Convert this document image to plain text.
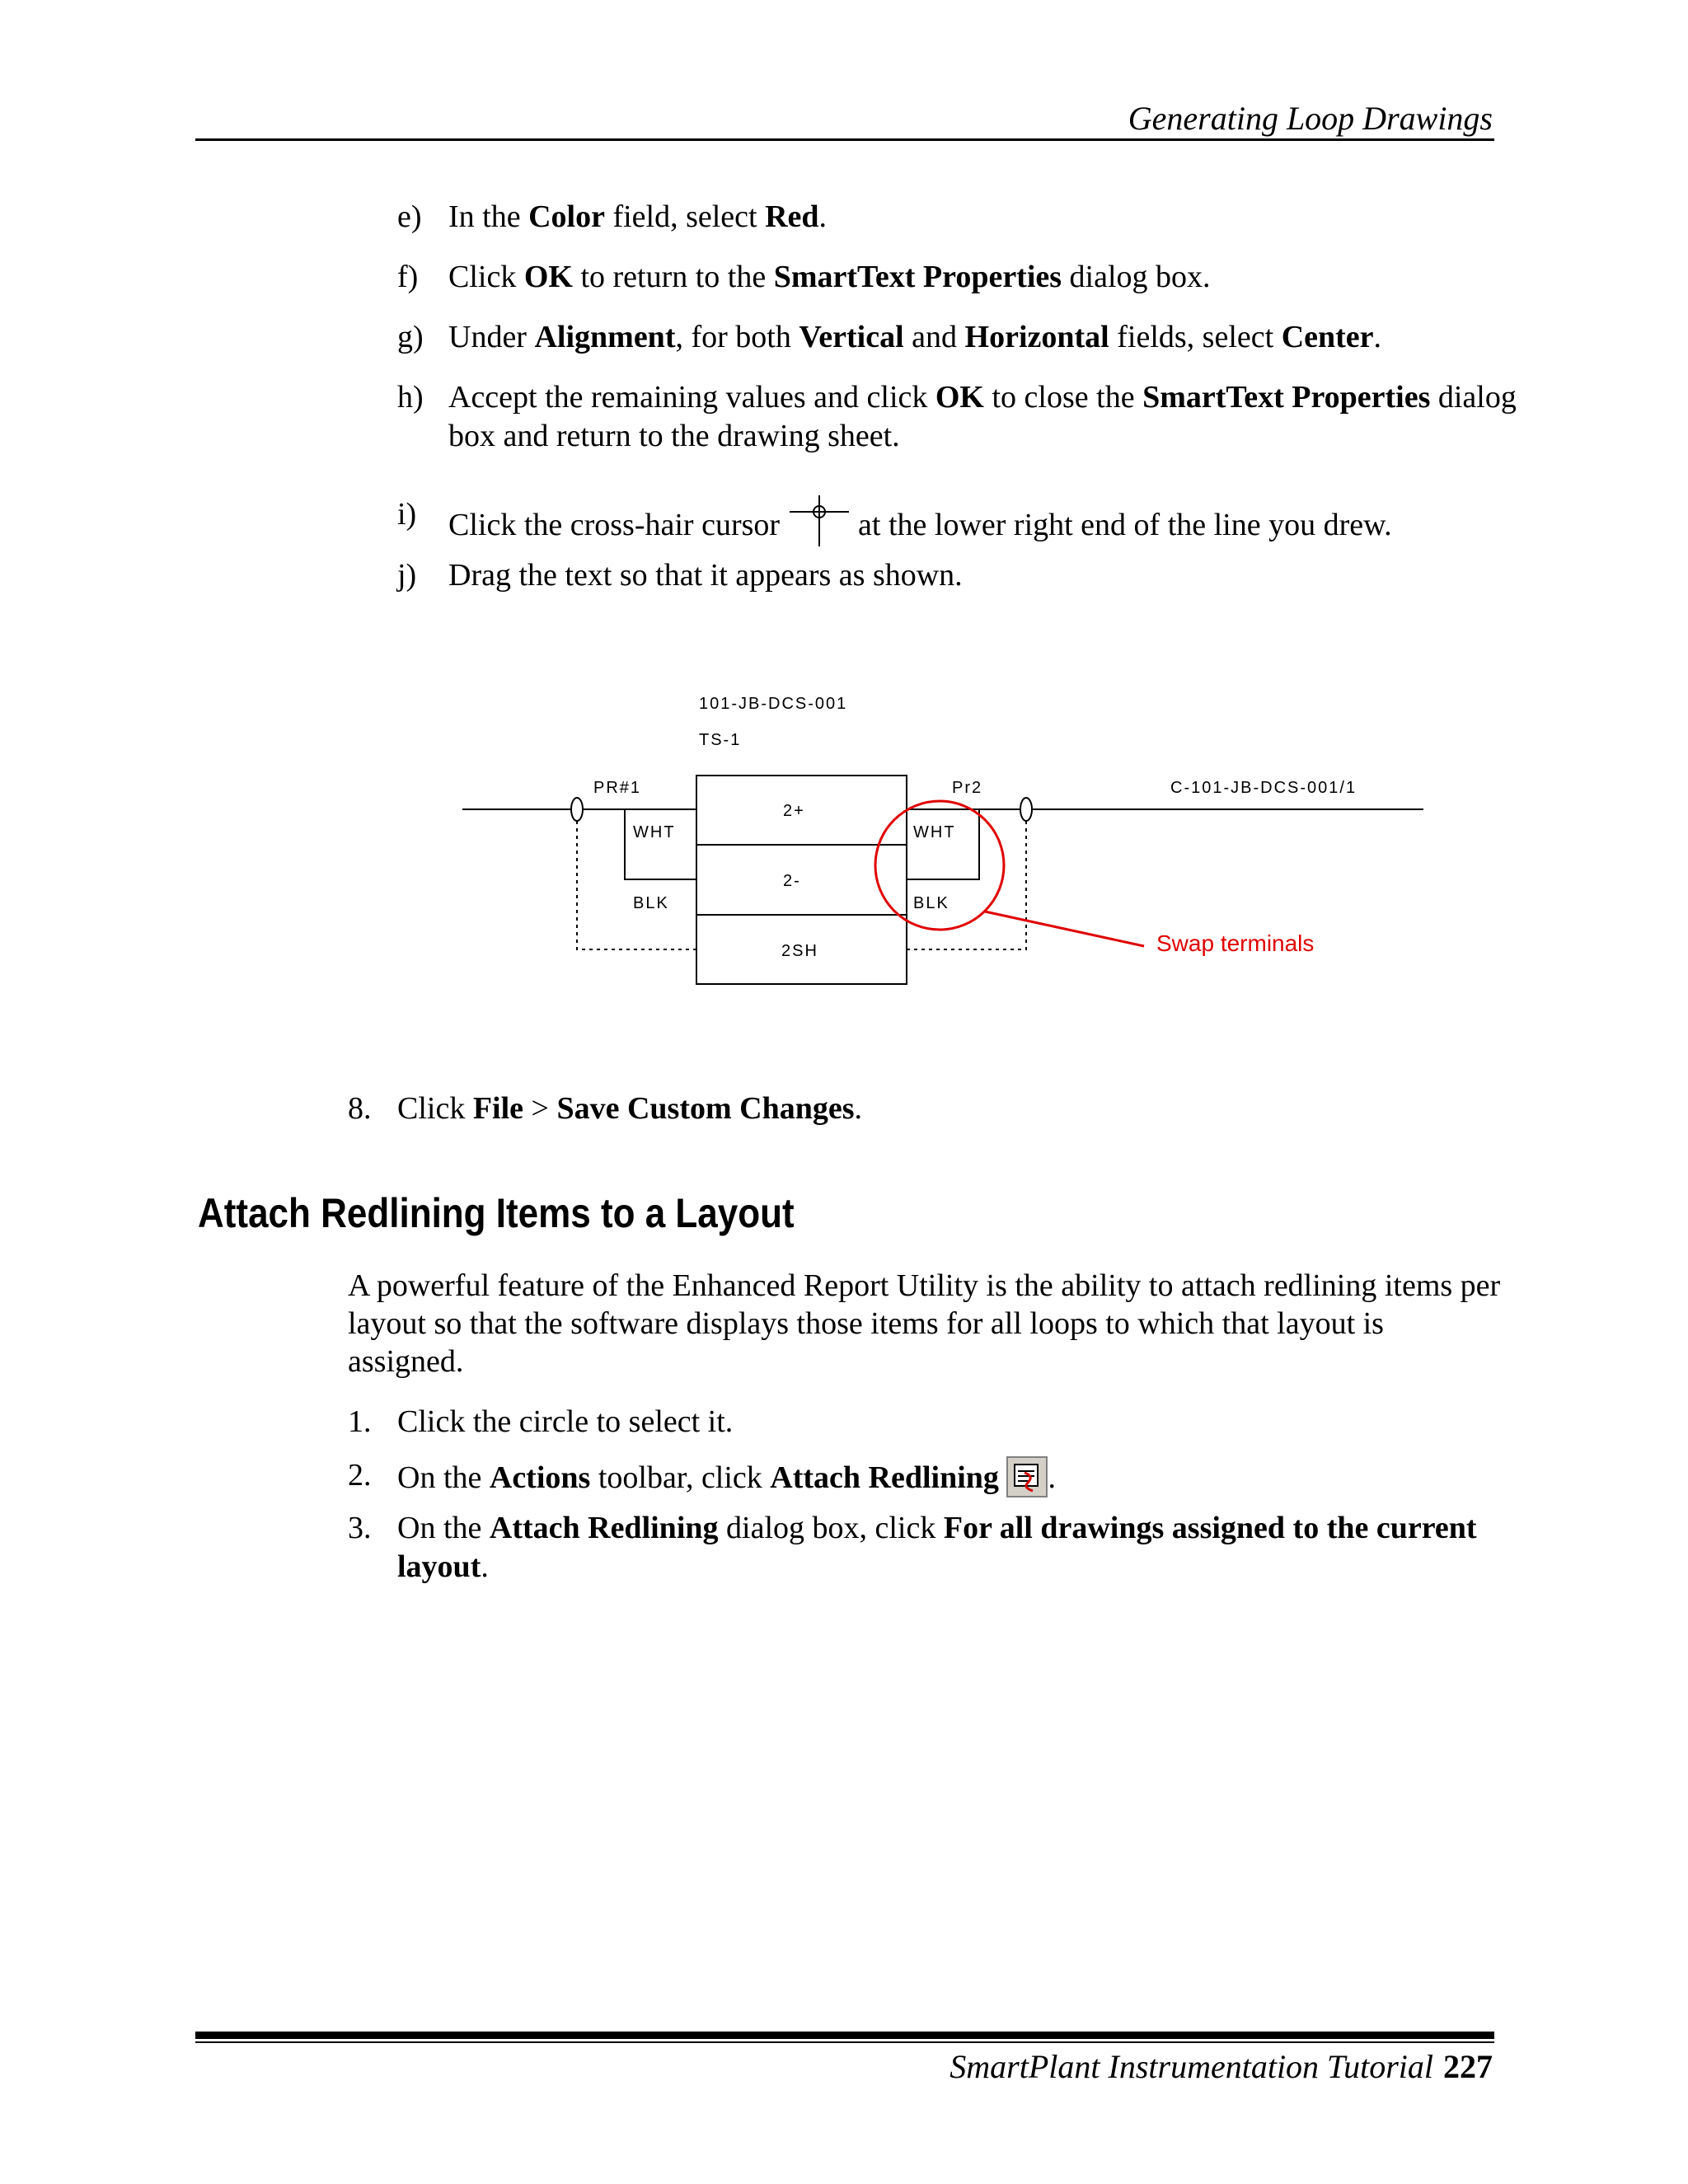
Generating Loop Drawings
e) In the Color field, select Red.
f) Click OK to return to the SmartText Properties dialog box.
g) Under Alignment, for both Vertical and Horizontal fields, select Center.
h) Accept the remaining values and click OK to close the SmartText Properties dialog box and return to the drawing sheet.
i) Click the cross-hair cursor  at the lower right end of the line you drew.
j) Drag the text so that it appears as shown.
101-JB-DCS-001
TS-1
PR#1	Pr2	C-101-JB-DCS-001/1
2+
2-
2SH
WHT
BLK
WHT
BLK
Swap terminals
8. Click File > Save Custom Changes.
Attach Redlining Items to a Layout
A powerful feature of the Enhanced Report Utility is the ability to attach redlining items per layout so that the software displays those items for all loops to which that layout is assigned.
1. Click the circle to select it.
2. On the Actions toolbar, click Attach Redlining .
3. On the Attach Redlining dialog box, click For all drawings assigned to the current layout.
SmartPlant Instrumentation Tutorial 227
